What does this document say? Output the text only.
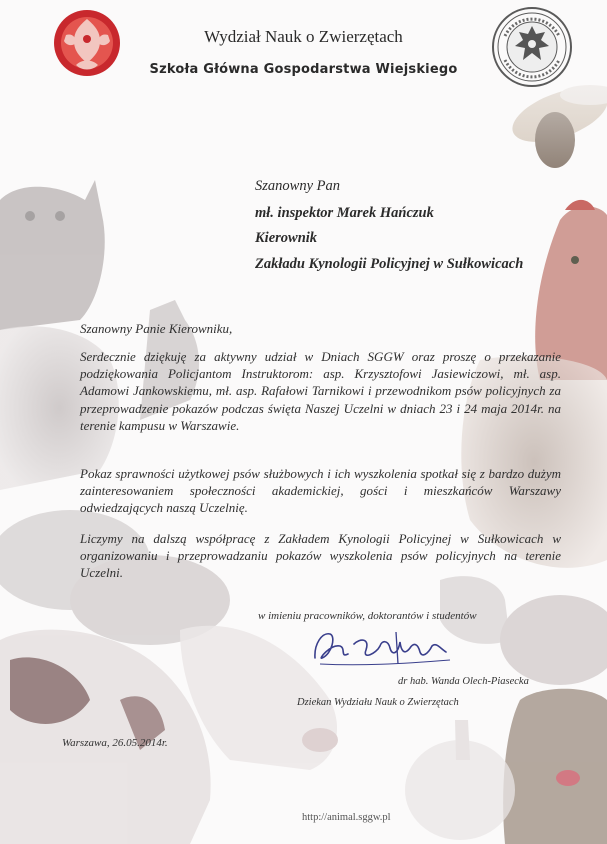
Wydział Nauk o Zwierzętach
Szkoła Główna Gospodarstwa Wiejskiego
Szanowny Pan
mł. inspektor Marek Hańczuk
Kierownik
Zakładu Kynologii Policyjnej w Sułkowicach
Szanowny Panie Kierowniku,
Serdecznie dziękuję za aktywny udział w Dniach SGGW oraz proszę o przekazanie podziękowania Policjantom Instruktorom: asp. Krzysztofowi Jasiewiczowi, mł. asp. Adamowi Jankowskiemu, mł. asp. Rafałowi Tarnikowi i przewodnikom psów policyjnych za przeprowadzenie pokazów podczas święta Naszej Uczelni w dniach 23 i 24 maja 2014r. na terenie kampusu w Warszawie.
Pokaz sprawności użytkowej psów służbowych i ich wyszkolenia spotkał się z bardzo dużym zainteresowaniem społeczności akademickiej, gości i mieszkańców Warszawy odwiedzających naszą Uczelnię.
Liczymy na dalszą współpracę z Zakładem Kynologii Policyjnej w Sułkowicach w organizowaniu i przeprowadzaniu pokazów wyszkolenia psów policyjnych na terenie Uczelni.
w imieniu pracowników, doktorantów i studentów
dr hab. Wanda Olech-Piasecka
Dziekan Wydziału Nauk o Zwierzętach
Warszawa, 26.05.2014r.
http://animal.sggw.pl
